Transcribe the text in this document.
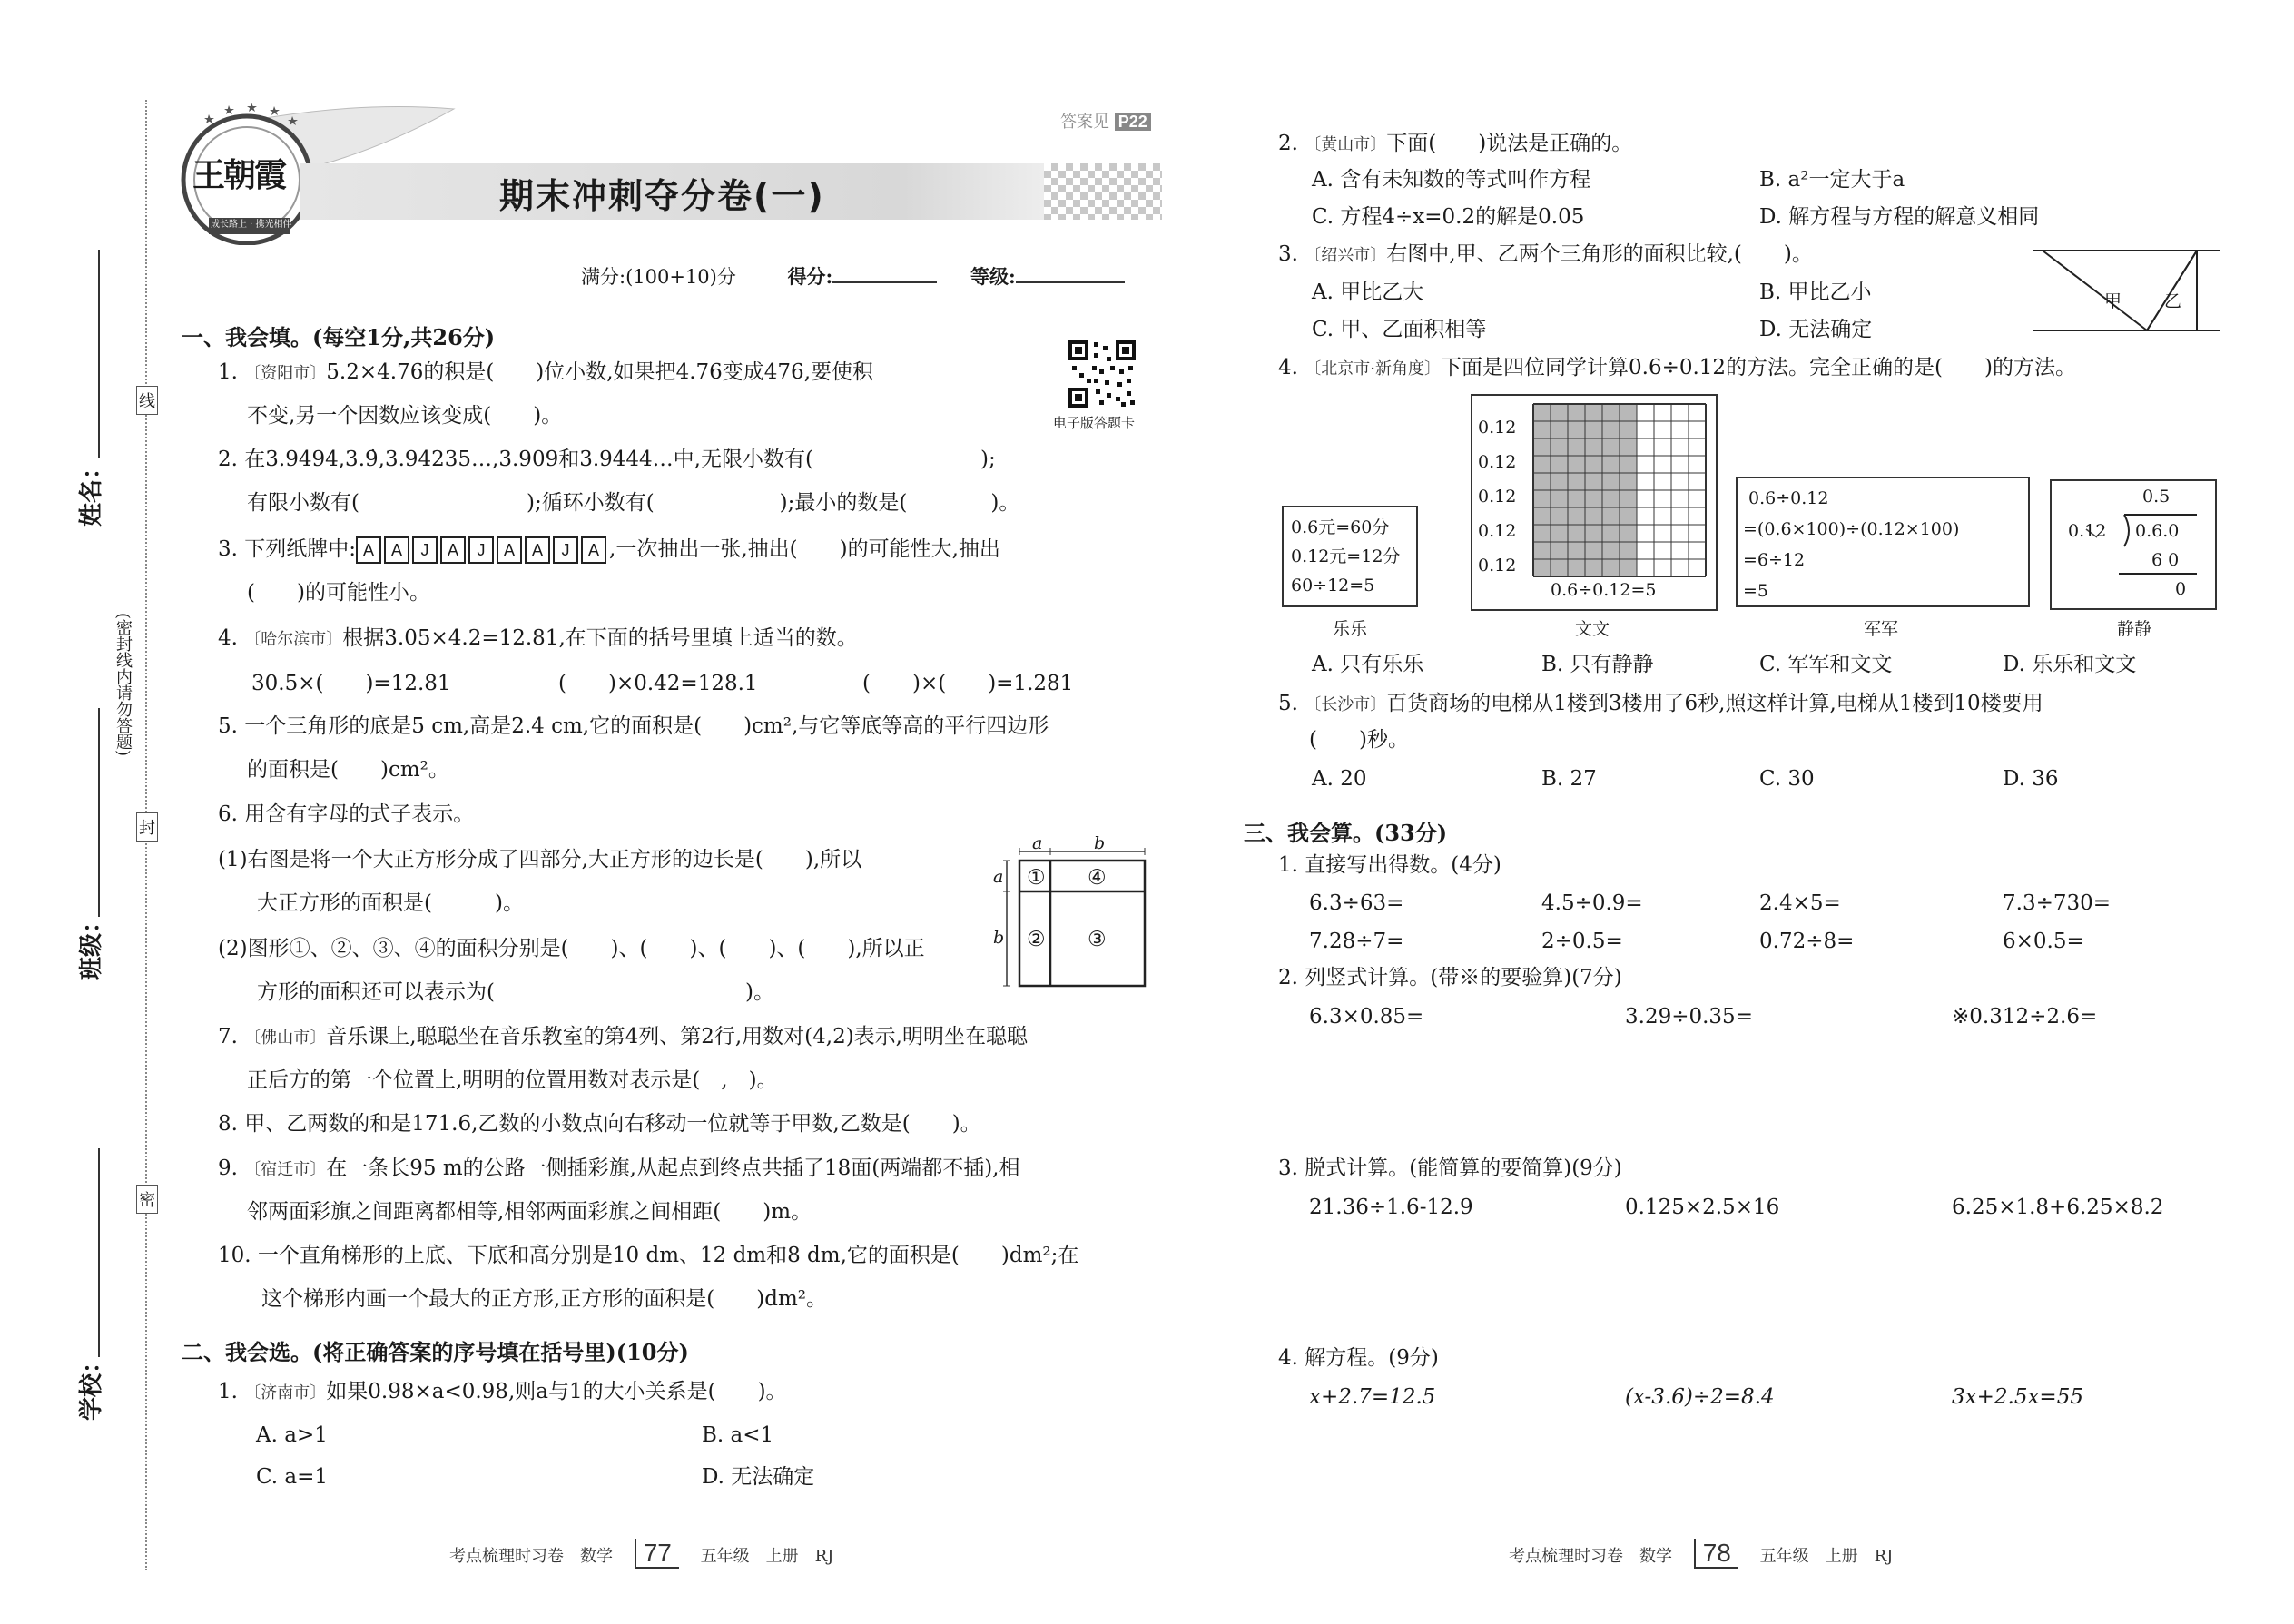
姓名：
班级：
学校：
线
封
密
(密封线内请勿答题)
王朝霞
成长路上 · 携光相伴
答案见 P22
期末冲刺夺分卷(一)
满分:(100+10)分	得分:	等级:
电子版答题卡
一、我会填。(每空1分,共26分)
1. 〔资阳市〕5.2×4.76的积是(　　)位小数,如果把4.76变成476,要使积
不变,另一个因数应该变成(　　)。
2. 在3.9494,3.9̇,3.94235…,3.909和3.9444…中,无限小数有(　　　　　　　　);
有限小数有(　　　　　　　　);循环小数有(　　　　　　);最小的数是(　　　　)。
3. 下列纸牌中: A A J A J A A J A ,一次抽出一张,抽出(　　)的可能性大,抽出
(　　)的可能性小。
4. 〔哈尔滨市〕根据3.05×4.2=12.81,在下面的括号里填上适当的数。
30.5×(　　)=12.81	(　　)×0.42=128.1	(　　)×(　　)=1.281
5. 一个三角形的底是5 cm,高是2.4 cm,它的面积是(　　)cm²,与它等底等高的平行四边形
的面积是(　　)cm²。
6. 用含有字母的式子表示。
(1)右图是将一个大正方形分成了四部分,大正方形的边长是(　　),所以
大正方形的面积是(　　　)。
(2)图形①、②、③、④的面积分别是(　　)、(　　)、(　　)、(　　),所以正
方形的面积还可以表示为(　　　　　　　　　　　　)。
a	b
a
b
① ④
② ③
7. 〔佛山市〕音乐课上,聪聪坐在音乐教室的第4列、第2行,用数对(4,2)表示,明明坐在聪聪
正后方的第一个位置上,明明的位置用数对表示是(　,　)。
8. 甲、乙两数的和是171.6,乙数的小数点向右移动一位就等于甲数,乙数是(　　)。
9. 〔宿迁市〕在一条长95 m的公路一侧插彩旗,从起点到终点共插了18面(两端都不插),相
邻两面彩旗之间距离都相等,相邻两面彩旗之间相距(　　)m。
10. 一个直角梯形的上底、下底和高分别是10 dm、12 dm和8 dm,它的面积是(　　)dm²;在
这个梯形内画一个最大的正方形,正方形的面积是(　　)dm²。
二、我会选。(将正确答案的序号填在括号里)(10分)
1. 〔济南市〕如果0.98×a<0.98,则a与1的大小关系是(　　)。
A. a>1	B. a<1
C. a=1	D. 无法确定
考点梳理时习卷　数学 77 五年级　上册　RJ
2. 〔黄山市〕下面(　　)说法是正确的。
A. 含有未知数的等式叫作方程	B. a²一定大于a
C. 方程4÷x=0.2的解是0.05	D. 解方程与方程的解意义相同
3. 〔绍兴市〕右图中,甲、乙两个三角形的面积比较,(　　)。
A. 甲比乙大	B. 甲比乙小
C. 甲、乙面积相等	D. 无法确定
甲 乙
4. 〔北京市·新角度〕下面是四位同学计算0.6÷0.12的方法。完全正确的是(　　)的方法。
0.6元=60分
0.12元=12分
60÷12=5
乐乐
0.12
0.12
0.12
0.12
0.12
0.6÷0.12=5
文文
0.6÷0.12
=(0.6×100)÷(0.12×100)
=6÷12
=5
军军
0.5
0.12 0.6.0
6 0
0
静静
A. 只有乐乐	B. 只有静静	C. 军军和文文	D. 乐乐和文文
5. 〔长沙市〕百货商场的电梯从1楼到3楼用了6秒,照这样计算,电梯从1楼到10楼要用
(　　)秒。
A. 20	B. 27	C. 30	D. 36
三、我会算。(33分)
1. 直接写出得数。(4分)
6.3÷63=	4.5÷0.9=	2.4×5=	7.3÷730=
7.28÷7=	2÷0.5=	0.72÷8=	6×0.5=
2. 列竖式计算。(带※的要验算)(7分)
6.3×0.85=	3.29÷0.35=	※0.312÷2.6=
3. 脱式计算。(能简算的要简算)(9分)
21.36÷1.6-12.9	0.125×2.5×16	6.25×1.8+6.25×8.2
4. 解方程。(9分)
x+2.7=12.5	(x-3.6)÷2=8.4	3x+2.5x=55
考点梳理时习卷　数学 78 五年级　上册　RJ
